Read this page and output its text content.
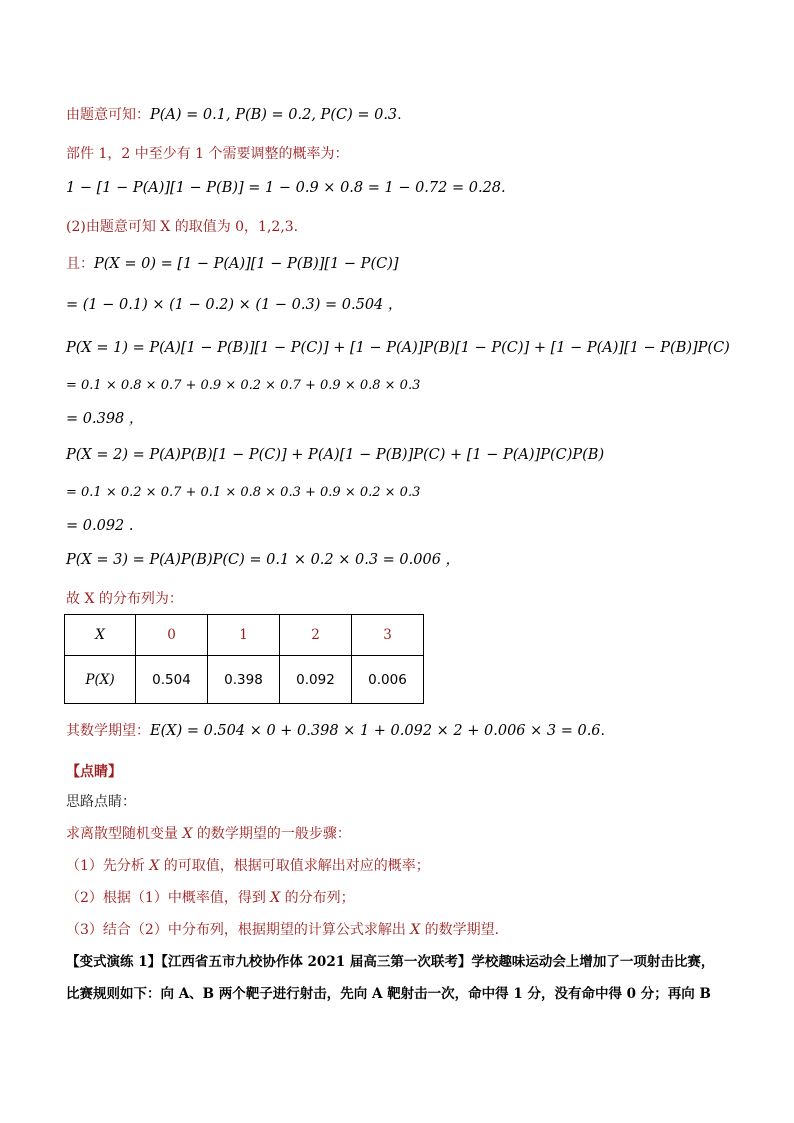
由题意可知：P(A) = 0.1, P(B) = 0.2, P(C) = 0.3.
部件 1，2 中至少有 1 个需要调整的概率为：
1 − [1 − P(A)][1 − P(B)] = 1 − 0.9 × 0.8 = 1 − 0.72 = 0.28.
(2)由题意可知 X 的取值为 0，1,2,3.
且：P(X = 0) = [1 − P(A)][1 − P(B)][1 − P(C)]
= (1 − 0.1) × (1 − 0.2) × (1 − 0.3) = 0.504 ，
P(X = 1) = P(A)[1 − P(B)][1 − P(C)] + [1 − P(A)]P(B)[1 − P(C)] + [1 − P(A)][1 − P(B)]P(C)
= 0.1 × 0.8 × 0.7 + 0.9 × 0.2 × 0.7 + 0.9 × 0.8 × 0.3
= 0.398 ，
P(X = 2) = P(A)P(B)[1 − P(C)] + P(A)[1 − P(B)]P(C) + [1 − P(A)]P(C)P(B)
= 0.1 × 0.2 × 0.7 + 0.1 × 0.8 × 0.3 + 0.9 × 0.2 × 0.3
= 0.092 .
P(X = 3) = P(A)P(B)P(C) = 0.1 × 0.2 × 0.3 = 0.006 ，
故 X 的分布列为：
X	0	1	2	3
P(X)	0.504	0.398	0.092	0.006
其数学期望：E(X) = 0.504 × 0 + 0.398 × 1 + 0.092 × 2 + 0.006 × 3 = 0.6.
【点睛】
思路点睛：
求离散型随机变量 X 的数学期望的一般步骤：
（1）先分析 X 的可取值，根据可取值求解出对应的概率；
（2）根据（1）中概率值，得到 X 的分布列；
（3）结合（2）中分布列，根据期望的计算公式求解出 X 的数学期望.
【变式演练 1】【江西省五市九校协作体 2021 届高三第一次联考】学校趣味运动会上增加了一项射击比赛，
比赛规则如下：向 A、B 两个靶子进行射击，先向 A 靶射击一次，命中得 1 分，没有命中得 0 分；再向 B
